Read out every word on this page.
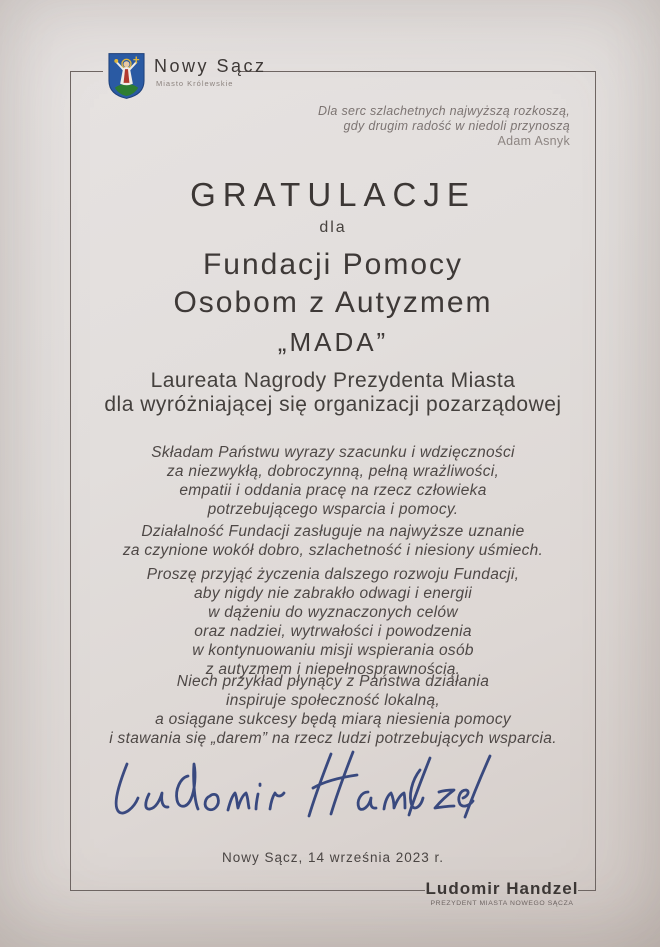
Nowy Sącz
Miasto Królewskie
Dla serc szlachetnych najwyższą rozkoszą,
gdy drugim radość w niedoli przynoszą
Adam Asnyk
GRATULACJE
dla
Fundacji Pomocy
Osobom z Autyzmem
„MADA”
Laureata Nagrody Prezydenta Miasta
dla wyróżniającej się organizacji pozarządowej
Składam Państwu wyrazy szacunku i wdzięczności
za niezwykłą, dobroczynną, pełną wrażliwości,
empatii i oddania pracę na rzecz człowieka
potrzebującego wsparcia i pomocy.
Działalność Fundacji zasługuje na najwyższe uznanie
za czynione wokół dobro, szlachetność i niesiony uśmiech.
Proszę przyjąć życzenia dalszego rozwoju Fundacji,
aby nigdy nie zabrakło odwagi i energii
w dążeniu do wyznaczonych celów
oraz nadziei, wytrwałości i powodzenia
w kontynuowaniu misji wspierania osób
z autyzmem i niepełnosprawnością.
Niech przykład płynący z Państwa działania
inspiruje społeczność lokalną,
a osiągane sukcesy będą miarą niesienia pomocy
i stawania się „darem” na rzecz ludzi potrzebujących wsparcia.
Nowy Sącz, 14 września 2023 r.
Ludomir Handzel
PREZYDENT MIASTA NOWEGO SĄCZA
